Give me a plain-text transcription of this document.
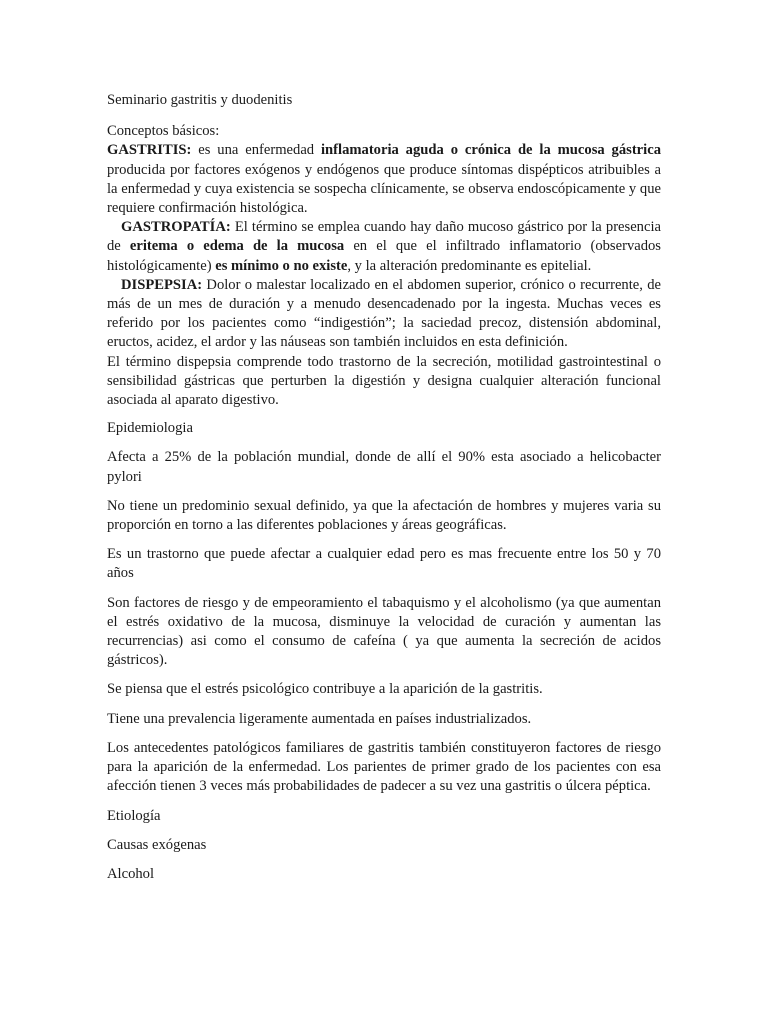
Seminario gastritis y duodenitis

Conceptos básicos:

GASTRITIS: es una enfermedad inflamatoria aguda o crónica de la mucosa gástrica producida por factores exógenos y endógenos que produce síntomas dispépticos atribuibles a la enfermedad y cuya existencia se sospecha clínicamente, se observa endoscópicamente y que requiere confirmación histológica.

GASTROPATÍA: El término se emplea cuando hay daño mucoso gástrico por la presencia de eritema o edema de la mucosa en el que el infiltrado inflamatorio (observados histológicamente) es mínimo o no existe, y la alteración predominante es epitelial.

DISPEPSIA: Dolor o malestar localizado en el abdomen superior, crónico o recurrente, de más de un mes de duración y a menudo desencadenado por la ingesta. Muchas veces es referido por los pacientes como “indigestión”; la saciedad precoz, distensión abdominal, eructos, acidez, el ardor y las náuseas son también incluidos en esta definición.

El término dispepsia comprende todo trastorno de la secreción, motilidad gastrointestinal o sensibilidad gástricas que perturben la digestión y designa cualquier alteración funcional asociada al aparato digestivo.

Epidemiologia

Afecta a 25% de la población mundial, donde de allí el 90% esta asociado a helicobacter pylori

No tiene un predominio sexual definido, ya que la afectación de hombres y mujeres varia su proporción en torno a las diferentes poblaciones y áreas geográficas.

Es un trastorno que puede afectar a cualquier edad pero es mas frecuente entre los 50 y 70 años

Son factores de riesgo y de empeoramiento el tabaquismo y el alcoholismo (ya que aumentan el estrés oxidativo de la mucosa, disminuye la velocidad de curación y aumentan las recurrencias) asi como el consumo de cafeína ( ya que aumenta la secreción de acidos gástricos).

Se piensa que el estrés psicológico contribuye a la aparición de la gastritis.

Tiene una prevalencia ligeramente aumentada en países industrializados.

Los antecedentes patológicos familiares de gastritis también constituyeron factores de riesgo para la aparición de la enfermedad. Los parientes de primer grado de los pacientes con esa afección tienen 3 veces más probabilidades de padecer a su vez una gastritis o úlcera péptica.

Etiología

Causas exógenas

Alcohol
